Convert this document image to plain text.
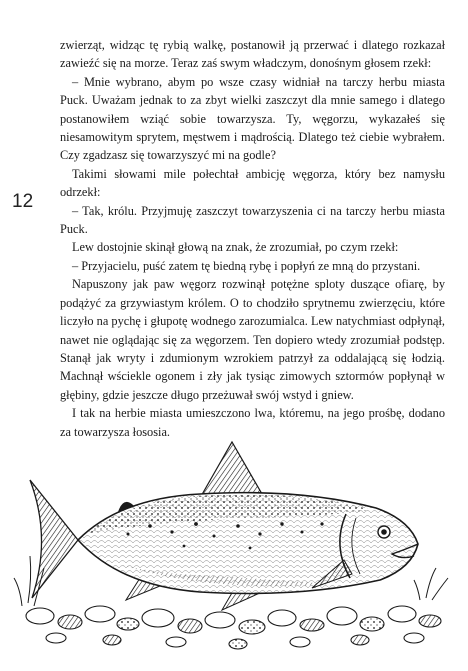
12

zwierząt, widząc tę rybią walkę, postanowił ją przerwać i dlatego rozkazał zawieźć się na morze. Teraz zaś swym władczym, donośnym głosem rzekł:

– Mnie wybrano, abym po wsze czasy widniał na tarczy herbu miasta Puck. Uważam jednak to za zbyt wielki zaszczyt dla mnie samego i dlatego postanowiłem wziąć sobie towarzysza. Ty, węgorzu, wykazałeś się niesamowitym sprytem, męstwem i mądrością. Dlatego też ciebie wybrałem. Czy zgadzasz się towarzyszyć mi na godle?

Takimi słowami mile połechtał ambicję węgorza, który bez namysłu odrzekł:

– Tak, królu. Przyjmuję zaszczyt towarzyszenia ci na tarczy herbu miasta Puck.

Lew dostojnie skinął głową na znak, że zrozumiał, po czym rzekł:

– Przyjacielu, puść zatem tę biedną rybę i popłyń ze mną do przystani.

Napuszony jak paw węgorz rozwinął potężne sploty duszące ofiarę, by podążyć za grzywiastym królem. O to chodziło sprytnemu zwierzęciu, które liczyło na pychę i głupotę wodnego zarozumialca. Lew natychmiast odpłynął, nawet nie oglądając się za węgorzem. Ten dopiero wtedy zrozumiał podstęp. Stanął jak wryty i zdumionym wzrokiem patrzył za oddalającą się łodzią. Machnął wściekle ogonem i zły jak tysiąc zimowych sztormów popłynął w głębiny, gdzie jeszcze długo przeżuwał swój wstyd i gniew.

I tak na herbie miasta umieszczono lwa, któremu, na jego prośbę, dodano za towarzysza łososia.
